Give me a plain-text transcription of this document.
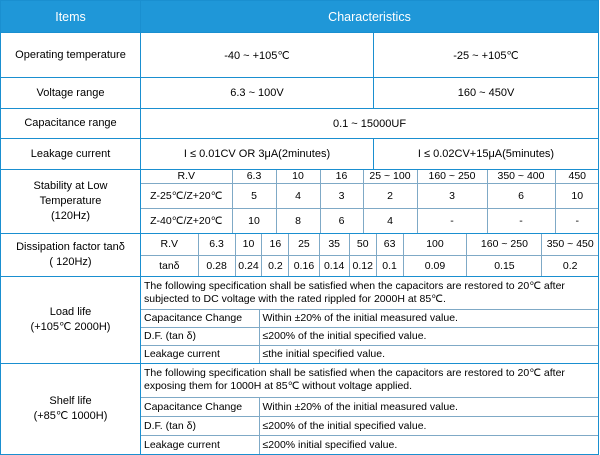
Items	Characteristics
Operating temperature	-40 ~ +105℃	-25 ~ +105℃
Voltage range	6.3 ~ 100V	160 ~ 450V
Capacitance range	0.1 ~ 15000UF
Leakage current	I ≤ 0.01CV OR 3μA(2minutes)	I ≤ 0.02CV+15μA(5minutes)

Stability at Low
Temperature
(120Hz)

R.V	6.3	10	16	25 ~ 100	160 ~ 250	350 ~ 400	450
Z-25℃/Z+20℃	5	4	3	2	3	6	10
Z-40℃/Z+20℃	10	8	6	4	-	-	-

Dissipation factor tanδ
( 120Hz)

R.V	6.3	10	16	25	35	50	63	100	160 ~ 250	350 ~ 450
tanδ	0.28	0.24	0.2	0.16	0.14	0.12	0.1	0.09	0.15	0.2

Load life
(+105℃ 2000H)

The following specification shall be satisfied when the capacitors are restored to 20℃ after subjected to DC voltage with the rated rippled for 2000H at 85℃.
Capacitance Change	Within ±20% of the initial measured value.
D.F. (tan δ)	≤200% of the initial specified value.
Leakage current	≤the initial specified value.

Shelf life
(+85℃ 1000H)

The following specification shall be satisfied when the capacitors are restored to 20℃ after exposing them for 1000H at 85℃ without voltage applied.
Capacitance Change	Within ±20% of the initial measured value.
D.F. (tan δ)	≤200% of the initial specified value.
Leakage current	≤200% initial specified value.
